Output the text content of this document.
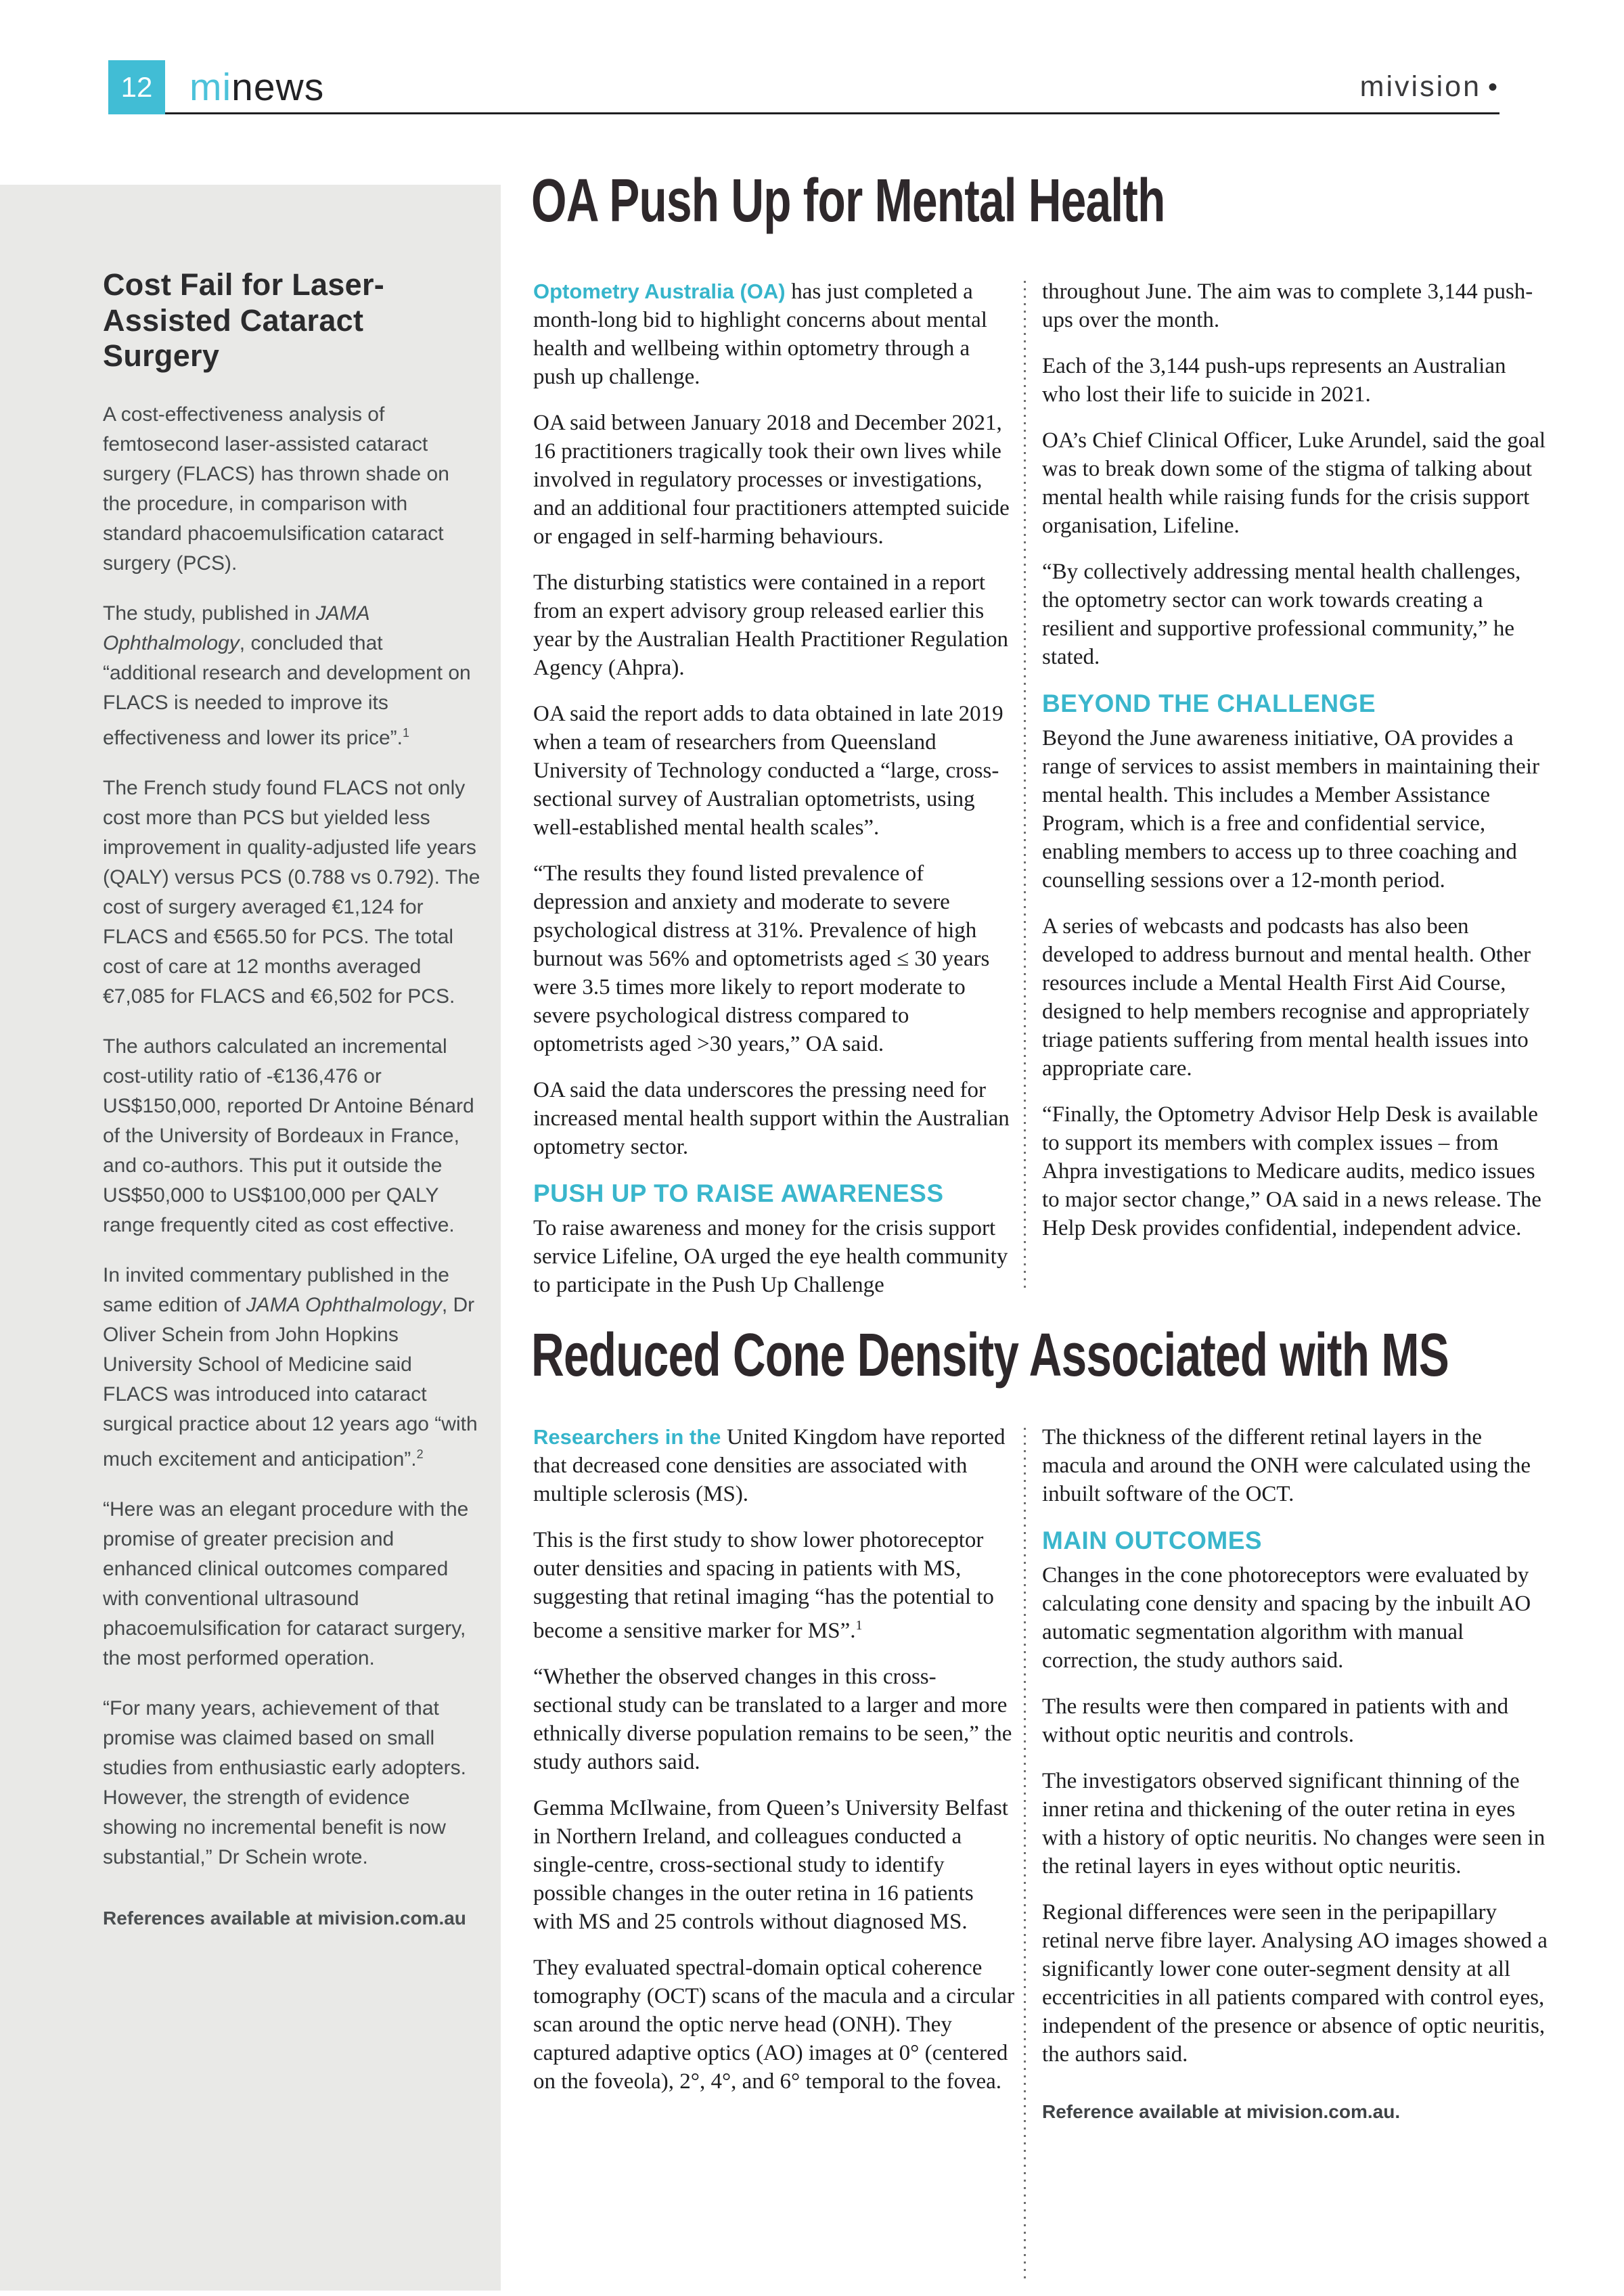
12 minews	mivision •
Cost Fail for Laser-Assisted Cataract Surgery

A cost-effectiveness analysis of femtosecond laser-assisted cataract surgery (FLACS) has thrown shade on the procedure, in comparison with standard phacoemulsification cataract surgery (PCS).

The study, published in JAMA Ophthalmology, concluded that “additional research and development on FLACS is needed to improve its effectiveness and lower its price”.$^1$

The French study found FLACS not only cost more than PCS but yielded less improvement in quality-adjusted life years (QALY) versus PCS (0.788 vs 0.792). The cost of surgery averaged €1,124 for FLACS and €565.50 for PCS. The total cost of care at 12 months averaged €7,085 for FLACS and €6,502 for PCS.

The authors calculated an incremental cost-utility ratio of -€136,476 or US$150,000, reported Dr Antoine Bénard of the University of Bordeaux in France, and co-authors. This put it outside the US$50,000 to US$100,000 per QALY range frequently cited as cost effective.

In invited commentary published in the same edition of JAMA Ophthalmology, Dr Oliver Schein from John Hopkins University School of Medicine said FLACS was introduced into cataract surgical practice about 12 years ago “with much excitement and anticipation”.$^2$

“Here was an elegant procedure with the promise of greater precision and enhanced clinical outcomes compared with conventional ultrasound phacoemulsification for cataract surgery, the most performed operation.

“For many years, achievement of that promise was claimed based on small studies from enthusiastic early adopters. However, the strength of evidence showing no incremental benefit is now substantial,” Dr Schein wrote.

References available at mivision.com.au
OA Push Up for Mental Health

Optometry Australia (OA) has just completed a month-long bid to highlight concerns about mental health and wellbeing within optometry through a push up challenge.

OA said between January 2018 and December 2021, 16 practitioners tragically took their own lives while involved in regulatory processes or investigations, and an additional four practitioners attempted suicide or engaged in self-harming behaviours.

The disturbing statistics were contained in a report from an expert advisory group released earlier this year by the Australian Health Practitioner Regulation Agency (Ahpra).

OA said the report adds to data obtained in late 2019 when a team of researchers from Queensland University of Technology conducted a “large, cross-sectional survey of Australian optometrists, using well-established mental health scales”.

“The results they found listed prevalence of depression and anxiety and moderate to severe psychological distress at 31%. Prevalence of high burnout was 56% and optometrists aged ≤ 30 years were 3.5 times more likely to report moderate to severe psychological distress compared to optometrists aged >30 years,” OA said.

OA said the data underscores the pressing need for increased mental health support within the Australian optometry sector.

PUSH UP TO RAISE AWARENESS

To raise awareness and money for the crisis support service Lifeline, OA urged the eye health community to participate in the Push Up Challenge

throughout June. The aim was to complete 3,144 push-ups over the month.

Each of the 3,144 push-ups represents an Australian who lost their life to suicide in 2021.

OA’s Chief Clinical Officer, Luke Arundel, said the goal was to break down some of the stigma of talking about mental health while raising funds for the crisis support organisation, Lifeline.

“By collectively addressing mental health challenges, the optometry sector can work towards creating a resilient and supportive professional community,” he stated.

BEYOND THE CHALLENGE

Beyond the June awareness initiative, OA provides a range of services to assist members in maintaining their mental health. This includes a Member Assistance Program, which is a free and confidential service, enabling members to access up to three coaching and counselling sessions over a 12-month period.

A series of webcasts and podcasts has also been developed to address burnout and mental health. Other resources include a Mental Health First Aid Course, designed to help members recognise and appropriately triage patients suffering from mental health issues into appropriate care.

“Finally, the Optometry Advisor Help Desk is available to support its members with complex issues – from Ahpra investigations to Medicare audits, medico issues to major sector change,” OA said in a news release. The Help Desk provides confidential, independent advice.

Reduced Cone Density Associated with MS

Researchers in the United Kingdom have reported that decreased cone densities are associated with multiple sclerosis (MS).

This is the first study to show lower photoreceptor outer densities and spacing in patients with MS, suggesting that retinal imaging “has the potential to become a sensitive marker for MS”.$^1$

“Whether the observed changes in this cross-sectional study can be translated to a larger and more ethnically diverse population remains to be seen,” the study authors said.

Gemma McIlwaine, from Queen’s University Belfast in Northern Ireland, and colleagues conducted a single-centre, cross-sectional study to identify possible changes in the outer retina in 16 patients with MS and 25 controls without diagnosed MS.

They evaluated spectral-domain optical coherence tomography (OCT) scans of the macula and a circular scan around the optic nerve head (ONH). They captured adaptive optics (AO) images at 0° (centered on the foveola), 2°, 4°, and 6° temporal to the fovea.

The thickness of the different retinal layers in the macula and around the ONH were calculated using the inbuilt software of the OCT.

MAIN OUTCOMES

Changes in the cone photoreceptors were evaluated by calculating cone density and spacing by the inbuilt AO automatic segmentation algorithm with manual correction, the study authors said.

The results were then compared in patients with and without optic neuritis and controls.

The investigators observed significant thinning of the inner retina and thickening of the outer retina in eyes with a history of optic neuritis. No changes were seen in the retinal layers in eyes without optic neuritis.

Regional differences were seen in the peripapillary retinal nerve fibre layer. Analysing AO images showed a significantly lower cone outer-segment density at all eccentricities in all patients compared with control eyes, independent of the presence or absence of optic neuritis, the authors said.

Reference available at mivision.com.au.
